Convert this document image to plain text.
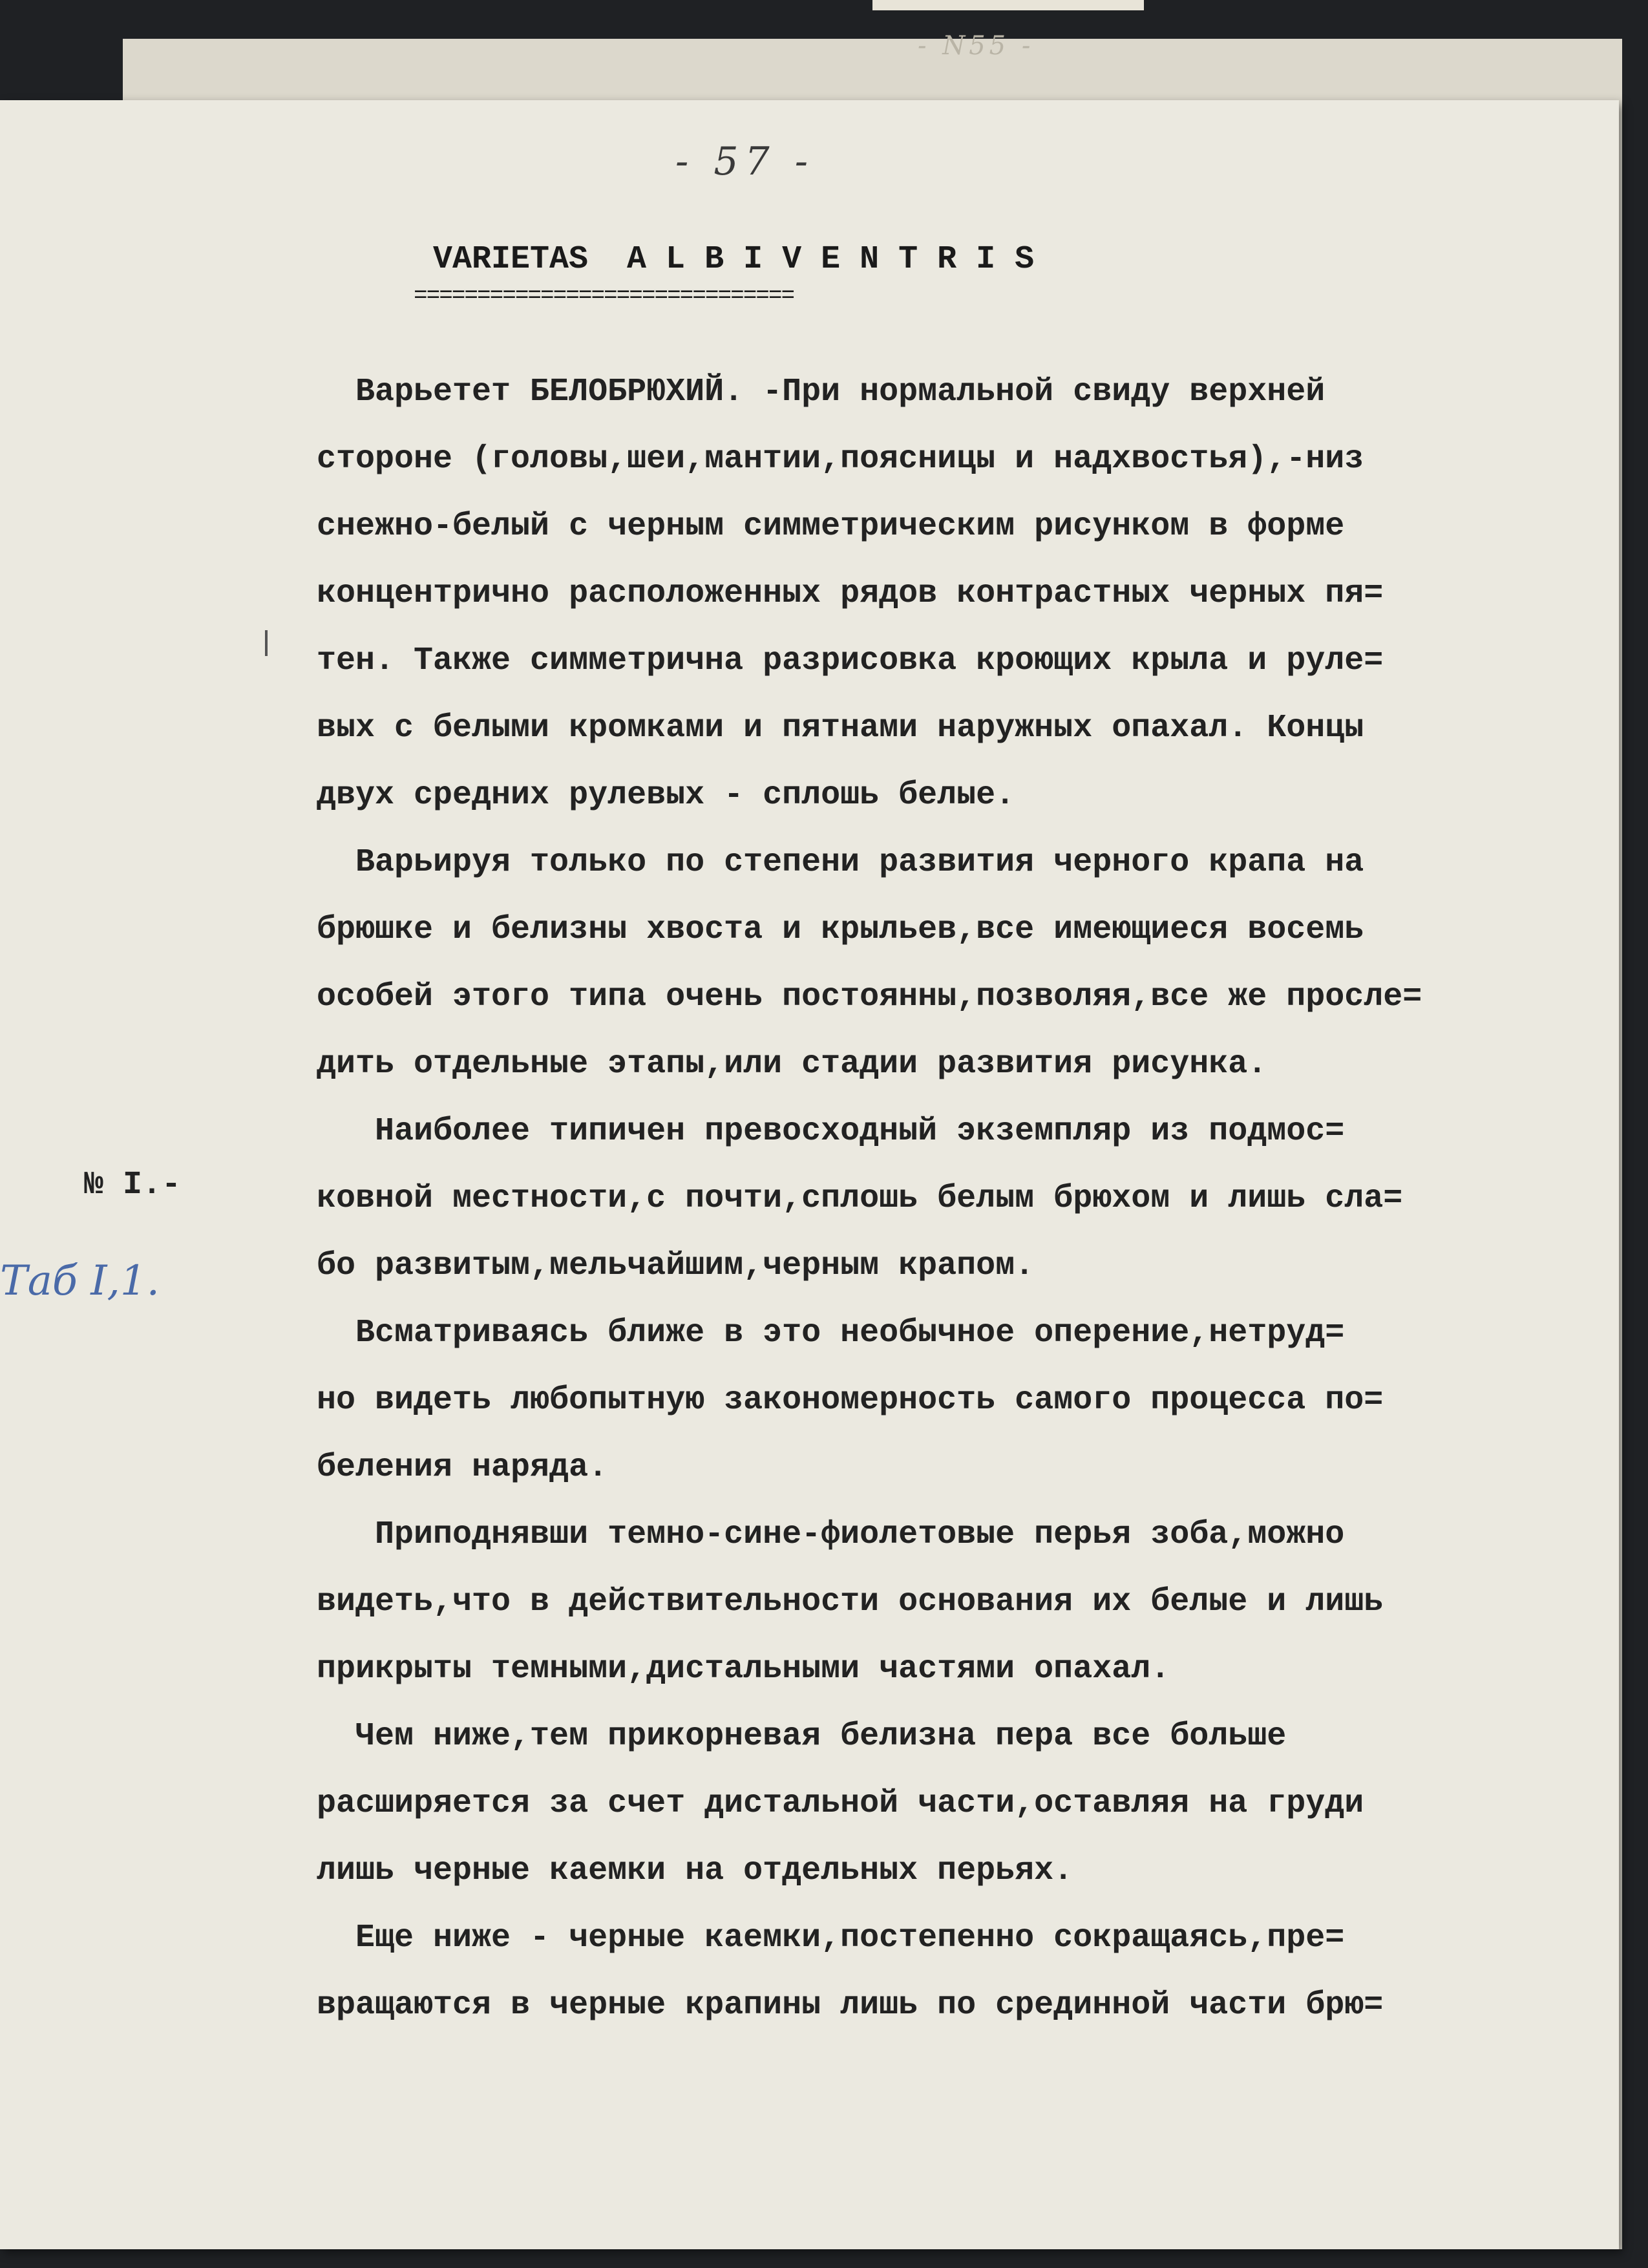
- N55 -
- 57 -
VARIETAS  A L B I V E N T R I S
==============================
Варьетет БЕЛОБРЮХИЙ. -При нормальной свиду верхней
стороне (головы,шеи,мантии,поясницы и надхвостья),-низ
снежно-белый с черным симметрическим рисунком в форме
концентрично расположенных рядов контрастных черных пя=
тен. Также симметрична разрисовка кроющих крыла и руле=
вых с белыми кромками и пятнами наружных опахал. Концы
двух средних рулевых - сплошь белые.
Варьируя только по степени развития черного крапа на
брюшке и белизны хвоста и крыльев,все имеющиеся восемь
особей этого типа очень постоянны,позволяя,все же просле=
дить отдельные этапы,или стадии развития рисунка.
Наиболее типичен превосходный экземпляр из подмос=
ковной местности,с почти,сплошь белым брюхом и лишь сла=
бо развитым,мельчайшим,черным крапом.
Всматриваясь ближе в это необычное оперение,нетруд=
но видеть любопытную закономерность самого процесса по=
беления наряда.
Приподнявши темно-сине-фиолетовые перья зоба,можно
видеть,что в действительности основания их белые и лишь
прикрыты темными,дистальными частями опахал.
Чем ниже,тем прикорневая белизна пера все больше
расширяется за счет дистальной части,оставляя на груди
лишь черные каемки на отдельных перьях.
Еще ниже - черные каемки,постепенно сокращаясь,пре=
вращаются в черные крапины лишь по срединной части брю=
№ I.-
Таб I,1.
